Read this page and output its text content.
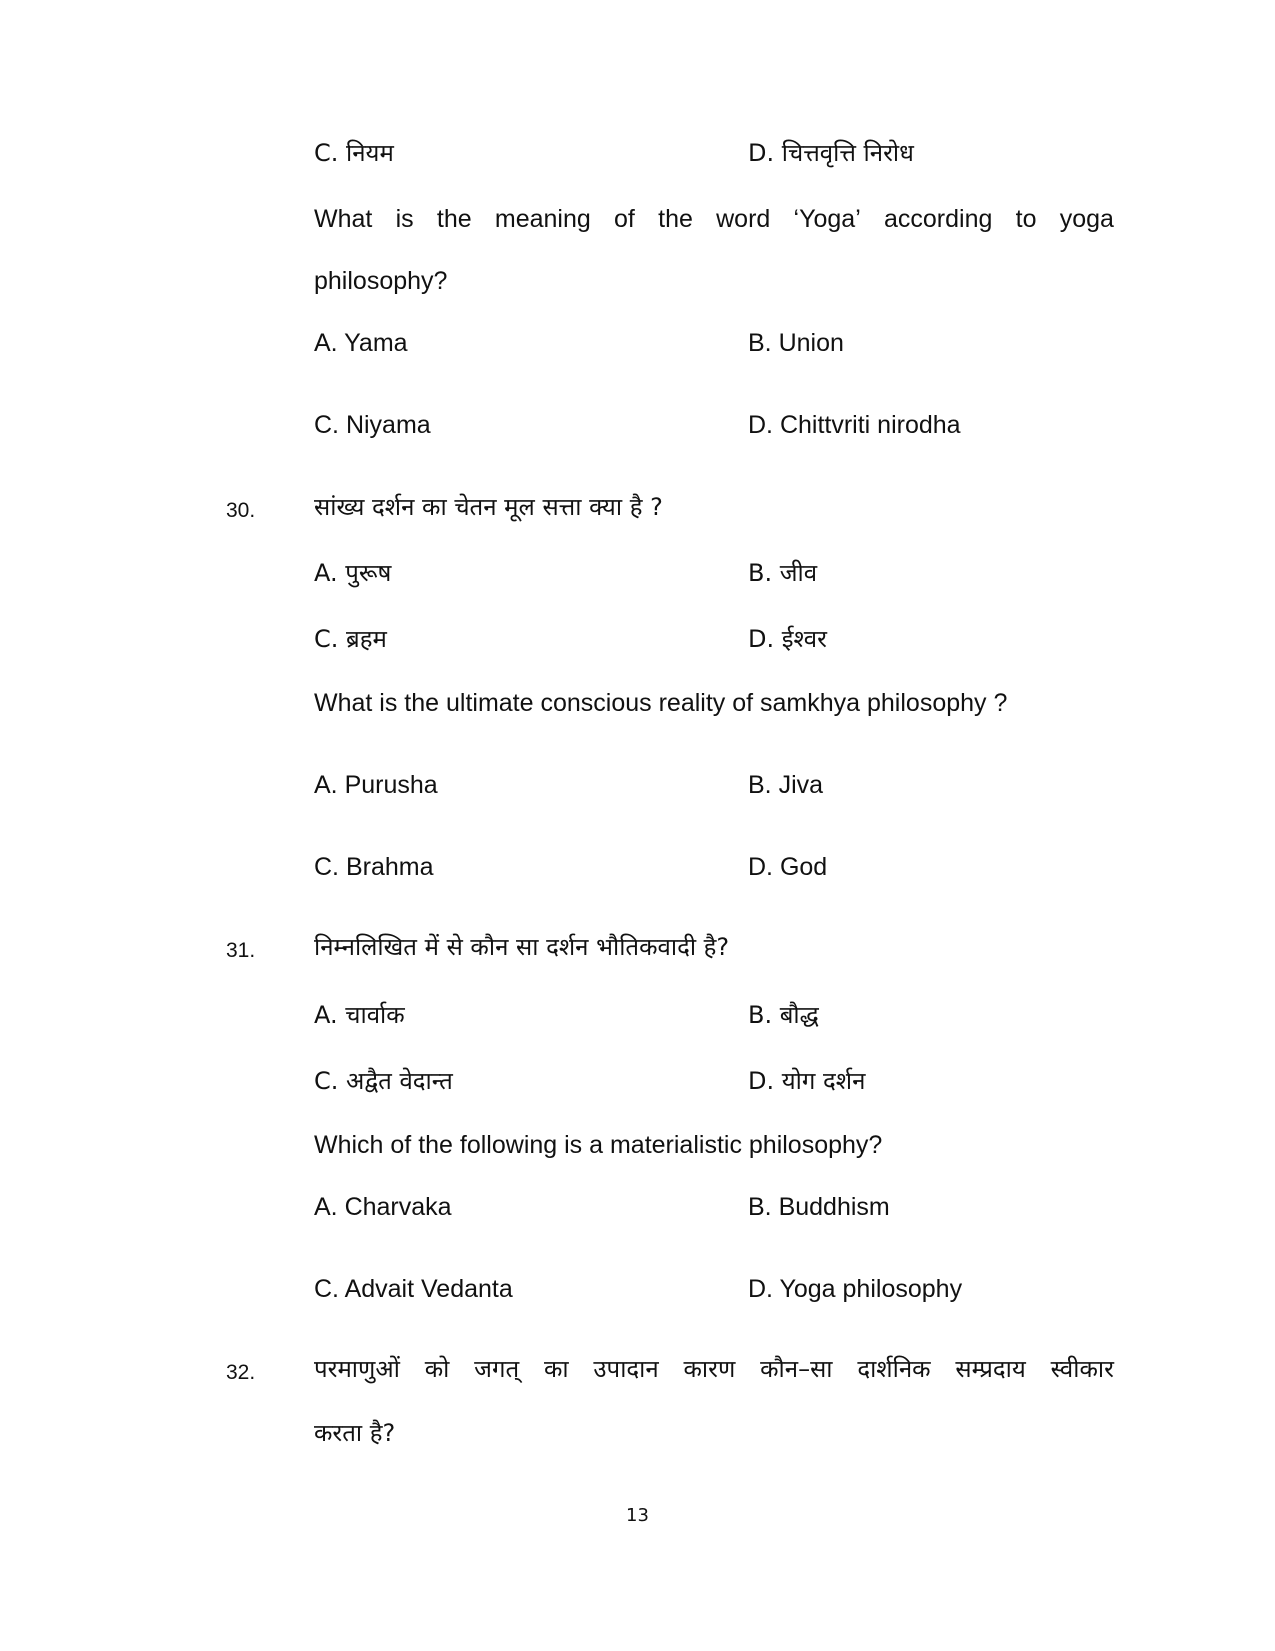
C. नियम	D. चित्तवृत्ति निरोध
What is the meaning of the word ‘Yoga’ according to yoga
philosophy?
A. Yama	B. Union
C. Niyama	D. Chittvriti nirodha
30. सांख्य दर्शन का चेतन मूल सत्ता क्या है ?
A. पुरूष	B. जीव
C. ब्रहम	D. ईश्वर
What is the ultimate conscious reality of samkhya philosophy ?
A. Purusha	B. Jiva
C. Brahma	D. God
31. निम्नलिखित में से कौन सा दर्शन भौतिकवादी है?
A. चार्वाक	B. बौद्ध
C. अद्वैत वेदान्त	D. योग दर्शन
Which of the following is a materialistic philosophy?
A. Charvaka	B. Buddhism
C. Advait Vedanta	D. Yoga philosophy
32. परमाणुओं को जगत् का उपादान कारण कौन–सा दार्शनिक सम्प्रदाय स्वीकार
करता है?
13
